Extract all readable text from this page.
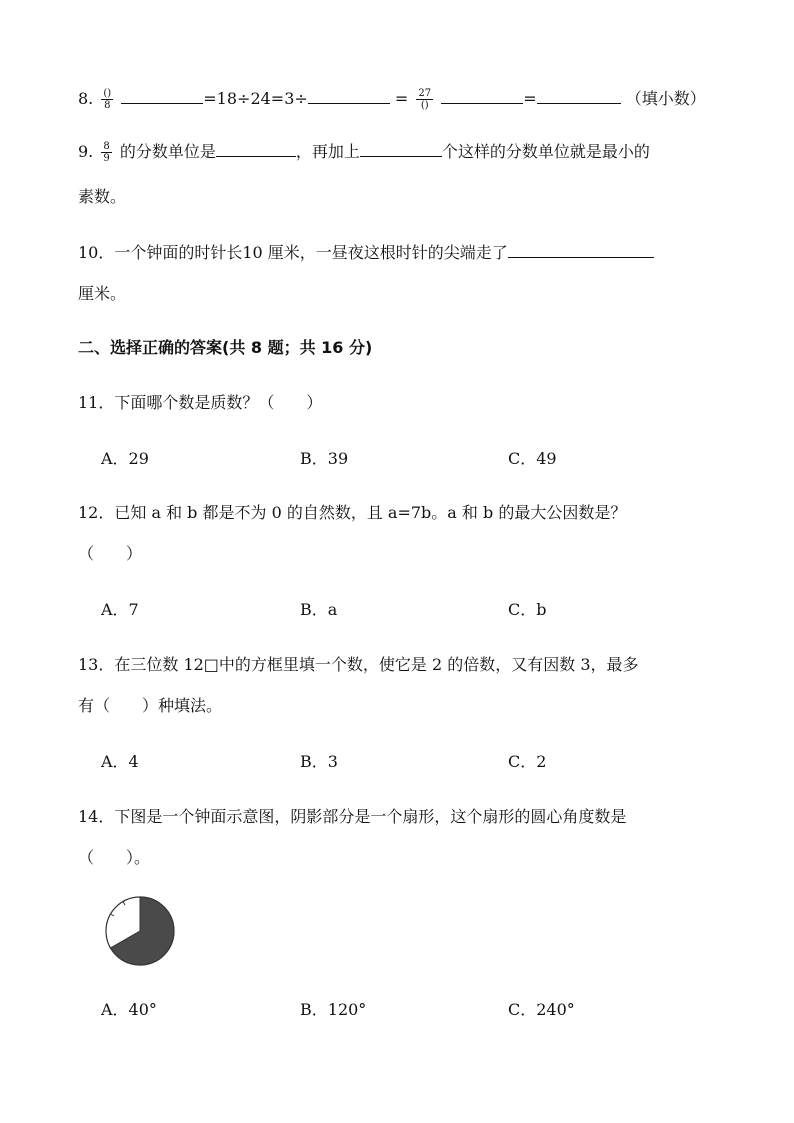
8. $\frac{()}{8}$	=18÷24=3÷	= $\frac{27}{()}$	=	（填小数）
9. $\frac{8}{9}$ 的分数单位是	，再加上	个这样的分数单位就是最小的
素数。
10．一个钟面的时针长10 厘米，一昼夜这根时针的尖端走了
厘米。
二、选择正确的答案(共 8 题；共 16 分)
11．下面哪个数是质数？（　　）
A．29	B．39	C．49
12．已知 a 和 b 都是不为 0 的自然数，且 a=7b。a 和 b 的最大公因数是？
（　　）
A．7	B．a	C．b
13．在三位数 12□中的方框里填一个数，使它是 2 的倍数，又有因数 3，最多
有（　　）种填法。
A．4	B．3	C．2
14．下图是一个钟面示意图，阴影部分是一个扇形，这个扇形的圆心角度数是
（　　）。
A．40°	B．120°	C．240°
